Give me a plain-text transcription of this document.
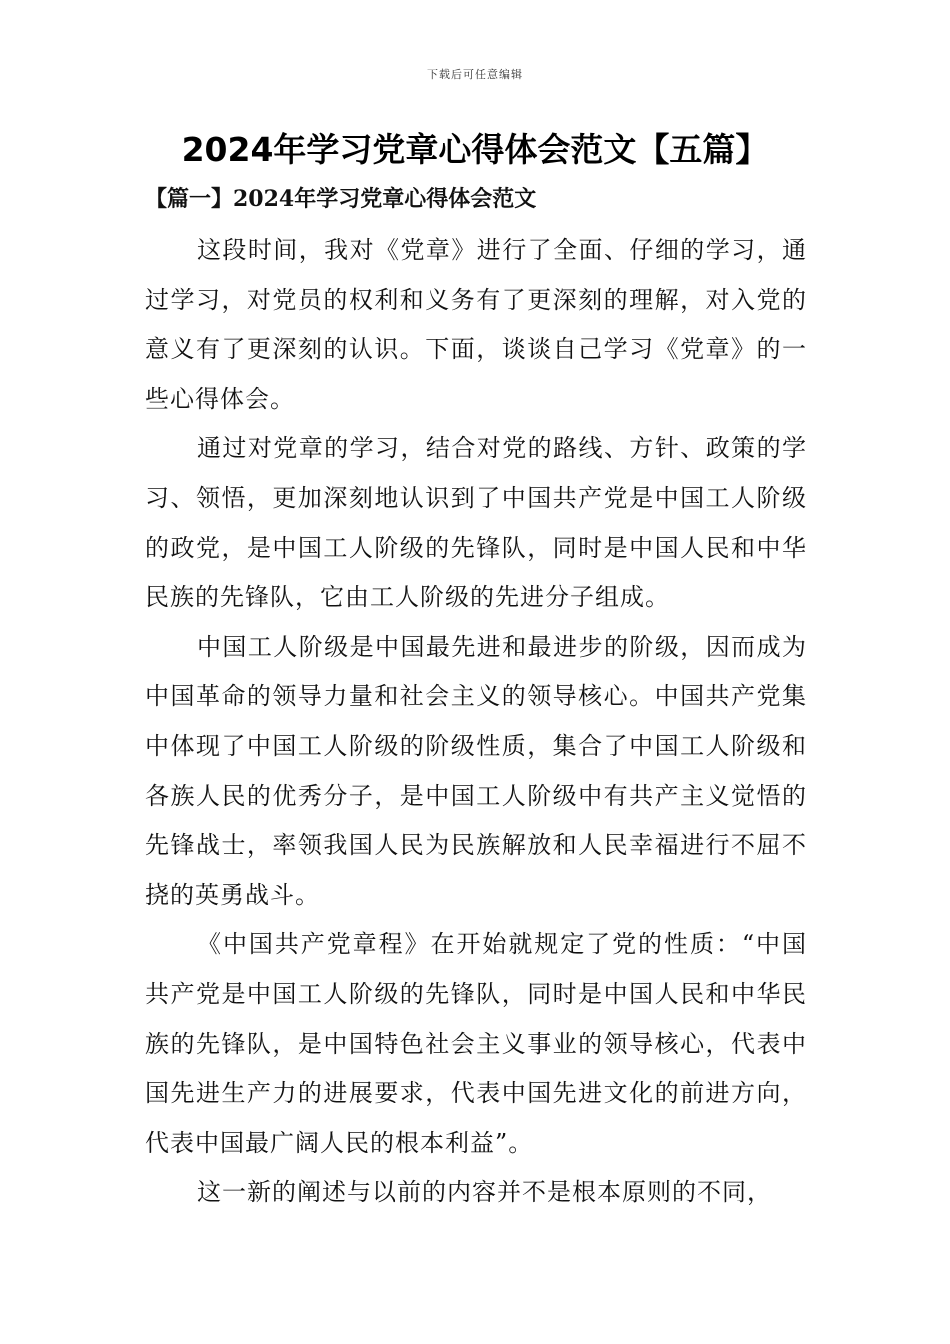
下载后可任意编辑
2024年学习党章心得体会范文【五篇】
【篇一】2024年学习党章心得体会范文

这段时间，我对《党章》进行了全面、仔细的学习，通过学习，对党员的权利和义务有了更深刻的理解，对入党的意义有了更深刻的认识。下面，谈谈自己学习《党章》的一些心得体会。

通过对党章的学习，结合对党的路线、方针、政策的学习、领悟，更加深刻地认识到了中国共产党是中国工人阶级的政党，是中国工人阶级的先锋队，同时是中国人民和中华民族的先锋队，它由工人阶级的先进分子组成。

中国工人阶级是中国最先进和最进步的阶级，因而成为中国革命的领导力量和社会主义的领导核心。中国共产党集中体现了中国工人阶级的阶级性质，集合了中国工人阶级和各族人民的优秀分子，是中国工人阶级中有共产主义觉悟的先锋战士，率领我国人民为民族解放和人民幸福进行不屈不挠的英勇战斗。

《中国共产党章程》在开始就规定了党的性质：“中国共产党是中国工人阶级的先锋队，同时是中国人民和中华民族的先锋队，是中国特色社会主义事业的领导核心，代表中国先进生产力的进展要求，代表中国先进文化的前进方向，代表中国最广阔人民的根本利益”。

这一新的阐述与以前的内容并不是根本原则的不同，
